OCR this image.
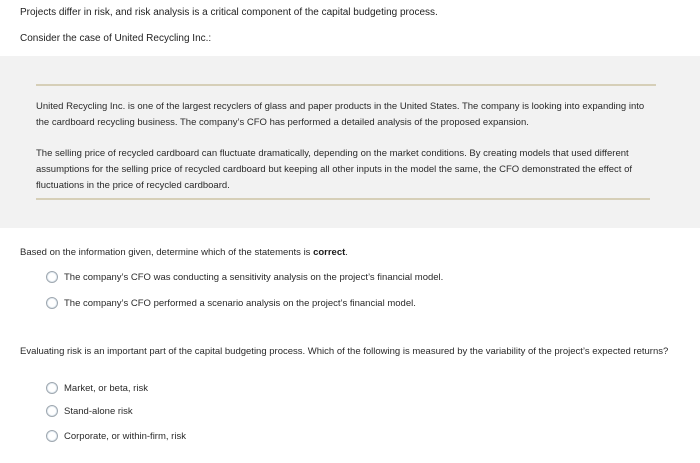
Projects differ in risk, and risk analysis is a critical component of the capital budgeting process.
Consider the case of United Recycling Inc.:

United Recycling Inc. is one of the largest recyclers of glass and paper products in the United States. The company is looking into expanding into the cardboard recycling business. The company’s CFO has performed a detailed analysis of the proposed expansion.

The selling price of recycled cardboard can fluctuate dramatically, depending on the market conditions. By creating models that used different assumptions for the selling price of recycled cardboard but keeping all other inputs in the model the same, the CFO demonstrated the effect of fluctuations in the price of recycled cardboard.

Based on the information given, determine which of the statements is correct.

The company’s CFO was conducting a sensitivity analysis on the project’s financial model.
The company’s CFO performed a scenario analysis on the project’s financial model.

Evaluating risk is an important part of the capital budgeting process. Which of the following is measured by the variability of the project’s expected returns?

Market, or beta, risk
Stand-alone risk
Corporate, or within-firm, risk
